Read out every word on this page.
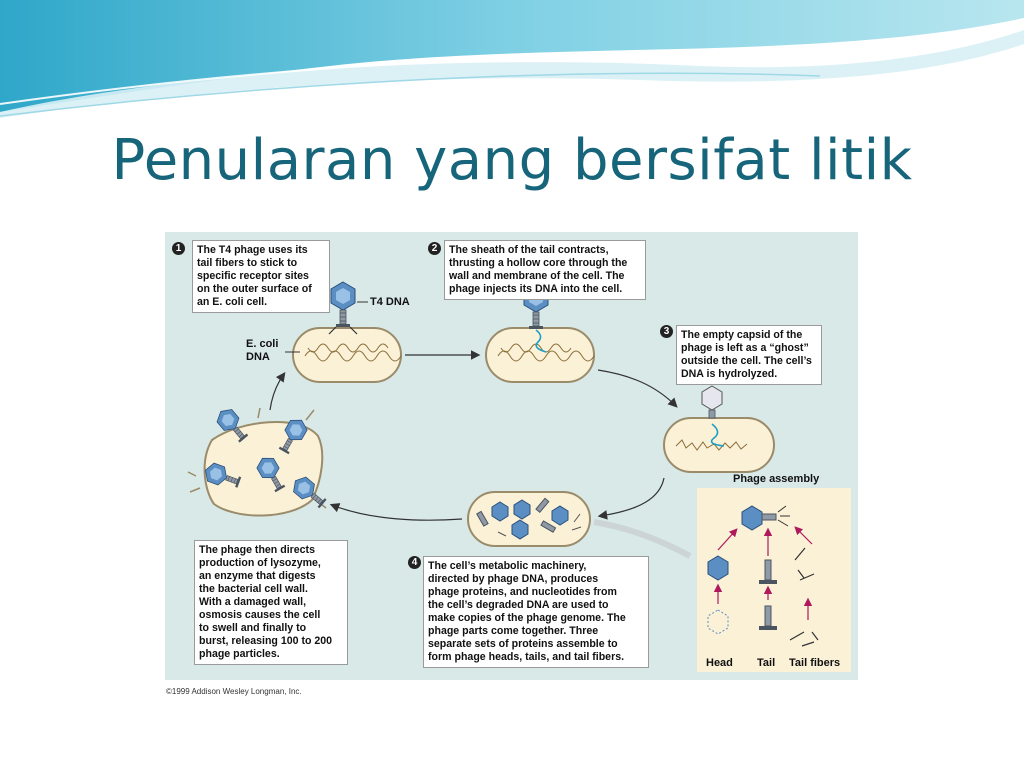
Penularan yang bersifat litik
1	2
3
4
The T4 phage uses its
tail fibers to stick to
specific receptor sites
on the outer surface of
an E. coli cell.
The sheath of the tail contracts,
thrusting a hollow core through the
wall and membrane of the cell. The
phage injects its DNA into the cell.
The empty capsid of the
phage is left as a “ghost”
outside the cell. The cell’s
DNA is hydrolyzed.
The cell’s metabolic machinery,
directed by phage DNA, produces
phage proteins, and nucleotides from
the cell’s degraded DNA are used to
make copies of the phage genome. The
phage parts come together. Three
separate sets of proteins assemble to
form phage heads, tails, and tail fibers.
The phage then directs
production of lysozyme,
an enzyme that digests
the bacterial cell wall.
With a damaged wall,
osmosis causes the cell
to swell and finally to
burst, releasing 100 to 200
phage particles.
T4 DNA
E. coli
DNA
Phage assembly
Head Tail Tail fibers
©1999 Addison Wesley Longman, Inc.
